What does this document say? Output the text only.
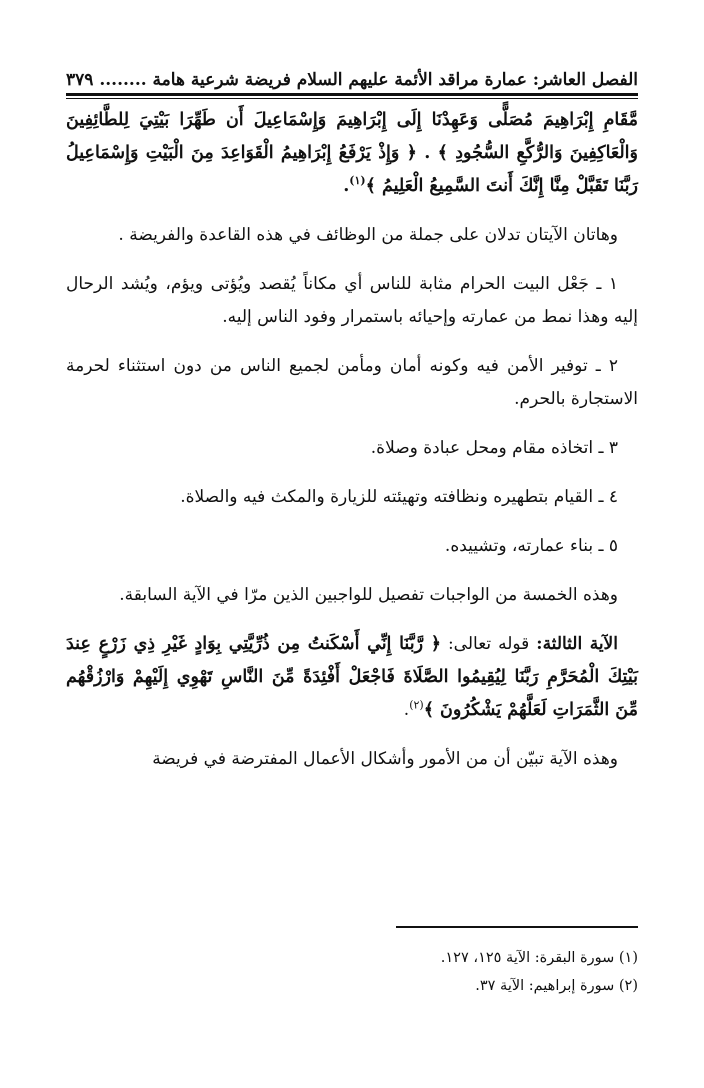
الفصل العاشر: عمارة مراقد الأئمة عليهم السلام فريضة شرعية هامة
........ ٣٧٩

مَّقَامِ إِبْرَاهِيمَ مُصَلًّى وَعَهِدْنَا إِلَى إِبْرَاهِيمَ وَإِسْمَاعِيلَ أَن طَهِّرَا بَيْتِيَ لِلطَّائِفِينَ وَالْعَاكِفِينَ وَالرُّكَّعِ السُّجُودِ ﴾ . ﴿ وَإِذْ يَرْفَعُ إِبْرَاهِيمُ الْقَوَاعِدَ مِنَ الْبَيْتِ وَإِسْمَاعِيلُ رَبَّنَا تَقَبَّلْ مِنَّا إِنَّكَ أَنتَ السَّمِيعُ الْعَلِيمُ ﴾$^{(١)}$.

وهاتان الآيتان تدلان على جملة من الوظائف في هذه القاعدة والفريضة .

١ ـ جَعْل البيت الحرام مثابة للناس أي مكاناً يُقصد ويُؤتى ويؤم، ويُشد الرحال إليه وهذا نمط من عمارته وإحيائه باستمرار وفود الناس إليه.

٢ ـ توفير الأمن فيه وكونه أمان ومأمن لجميع الناس من دون استثناء لحرمة الاستجارة بالحرم.

٣ ـ اتخاذه مقام ومحل عبادة وصلاة.

٤ ـ القيام بتطهيره ونظافته وتهيئته للزيارة والمكث فيه والصلاة.

٥ ـ بناء عمارته، وتشييده.

وهذه الخمسة من الواجبات تفصيل للواجبين الذين مرّا في الآية السابقة.

الآية الثالثة: قوله تعالى: ﴿ رَّبَّنَا إِنِّي أَسْكَنتُ مِن ذُرِّيَّتِي بِوَادٍ غَيْرِ ذِي زَرْعٍ عِندَ بَيْتِكَ الْمُحَرَّمِ رَبَّنَا لِيُقِيمُوا الصَّلَاةَ فَاجْعَلْ أَفْئِدَةً مِّنَ النَّاسِ تَهْوِي إِلَيْهِمْ وَارْزُقْهُم مِّنَ الثَّمَرَاتِ لَعَلَّهُمْ يَشْكُرُونَ ﴾$^{(٢)}$.

وهذه الآية تبيّن أن من الأمور وأشكال الأعمال المفترضة في فريضة

(١) سورة البقرة: الآية ١٢٥، ١٢٧.
(٢) سورة إبراهيم: الآية ٣٧.
